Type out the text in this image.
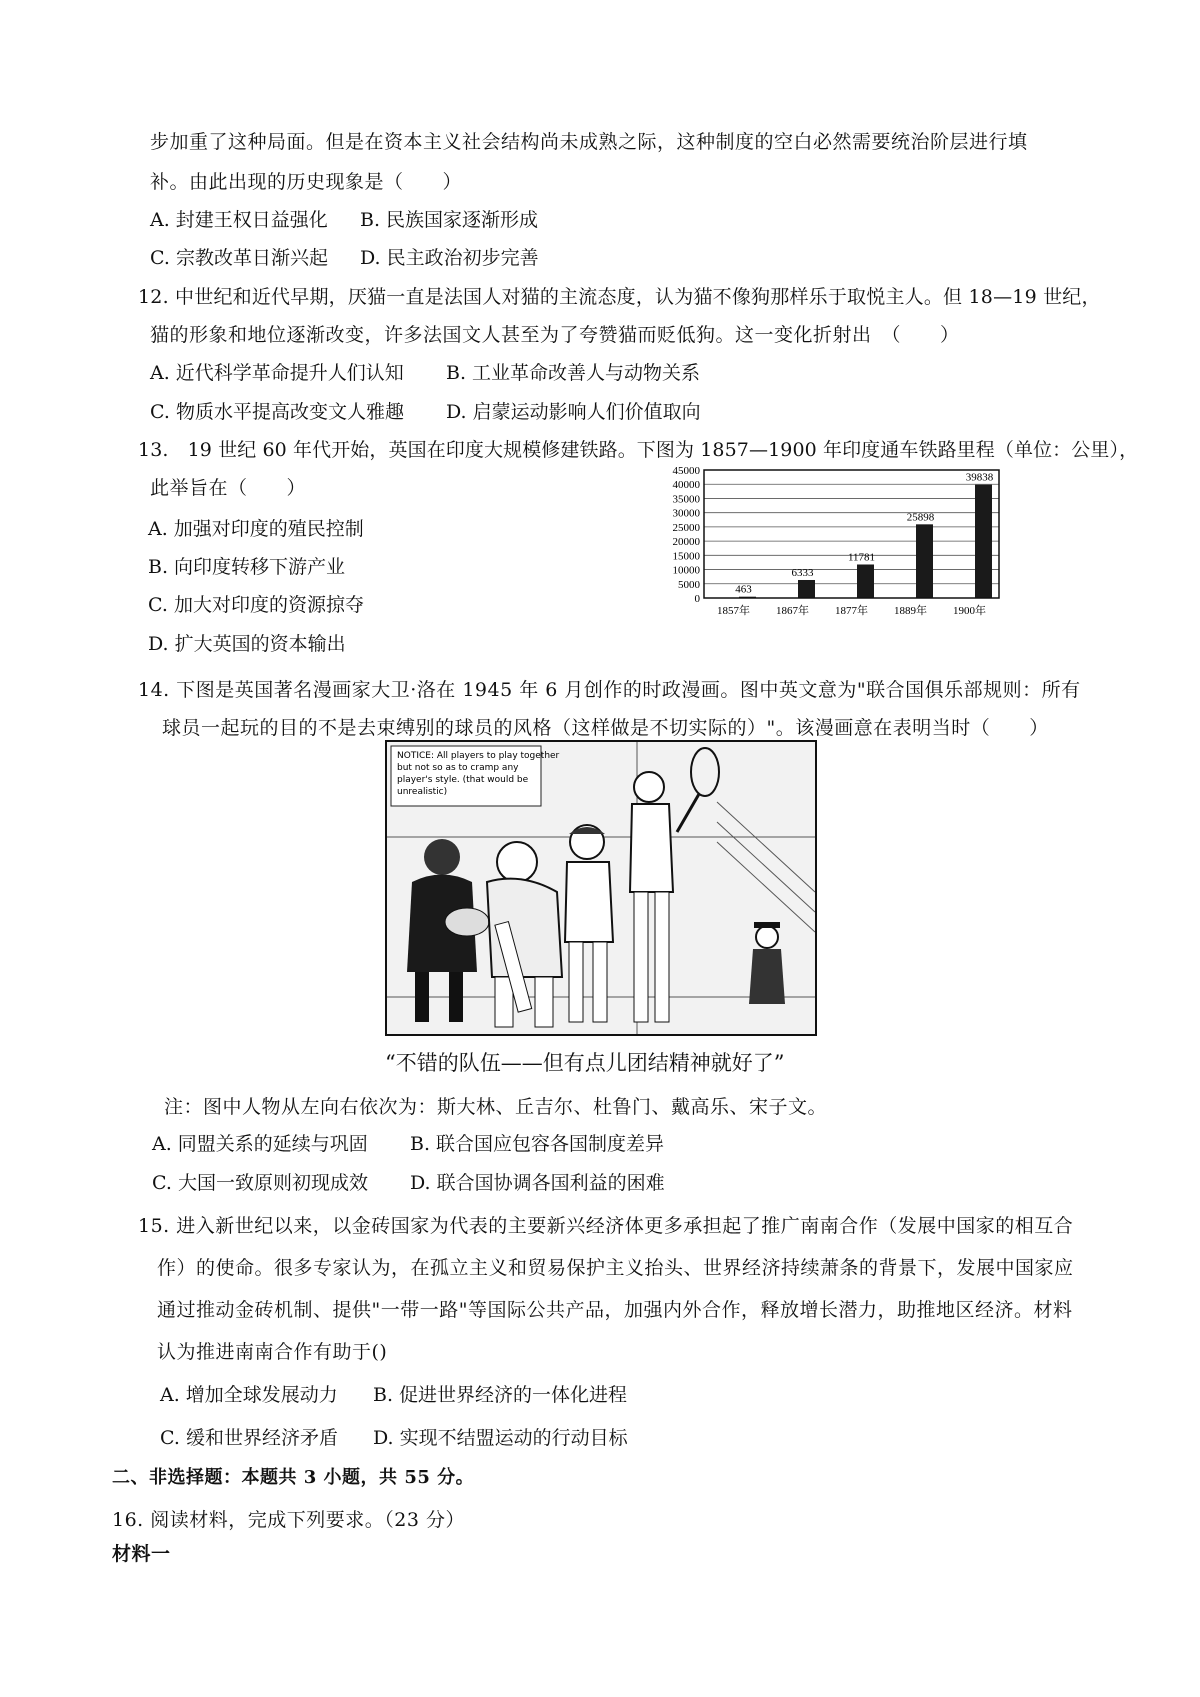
步加重了这种局面。但是在资本主义社会结构尚未成熟之际，这种制度的空白必然需要统治阶层进行填
补。由此出现的历史现象是（　　）
A. 封建王权日益强化 B. 民族国家逐渐形成
C. 宗教改革日渐兴起 D. 民主政治初步完善
12. 中世纪和近代早期，厌猫一直是法国人对猫的主流态度，认为猫不像狗那样乐于取悦主人。但 18—19 世纪，
猫的形象和地位逐渐改变，许多法国文人甚至为了夸赞猫而贬低狗。这一变化折射出　（　　）
A. 近代科学革命提升人们认知 B. 工业革命改善人与动物关系
C. 物质水平提高改变文人雅趣 D. 启蒙运动影响人们价值取向
13.　19 世纪 60 年代开始，英国在印度大规模修建铁路。下图为 1857—1900 年印度通车铁路里程（单位：公里），
此举旨在（　　）
A. 加强对印度的殖民控制
B. 向印度转移下游产业
C. 加大对印度的资源掠夺
D. 扩大英国的资本输出
0
5000
10000
15000
20000
25000
30000
35000
40000
45000
463
6333
11781
25898
39838
1857年 1867年 1877年 1889年 1900年
14. 下图是英国著名漫画家大卫·洛在 1945 年 6 月创作的时政漫画。图中英文意为"联合国俱乐部规则：所有
球员一起玩的目的不是去束缚别的球员的风格（这样做是不切实际的）"。该漫画意在表明当时（　　）
NOTICE: All players to play together
but not so as to cramp any
player's style. (that would be
unrealistic)
“不错的队伍——但有点儿团结精神就好了”
注：图中人物从左向右依次为：斯大林、丘吉尔、杜鲁门、戴高乐、宋子文。
A. 同盟关系的延续与巩固 B. 联合国应包容各国制度差异
C. 大国一致原则初现成效 D. 联合国协调各国利益的困难
15. 进入新世纪以来，以金砖国家为代表的主要新兴经济体更多承担起了推广南南合作（发展中国家的相互合
作）的使命。很多专家认为，在孤立主义和贸易保护主义抬头、世界经济持续萧条的背景下，发展中国家应
通过推动金砖机制、提供"一带一路"等国际公共产品，加强内外合作，释放增长潜力，助推地区经济。材料
认为推进南南合作有助于()
A. 增加全球发展动力 B. 促进世界经济的一体化进程
C. 缓和世界经济矛盾 D. 实现不结盟运动的行动目标
二、非选择题：本题共 3 小题，共 55 分。
16. 阅读材料，完成下列要求。（23 分）
材料一
